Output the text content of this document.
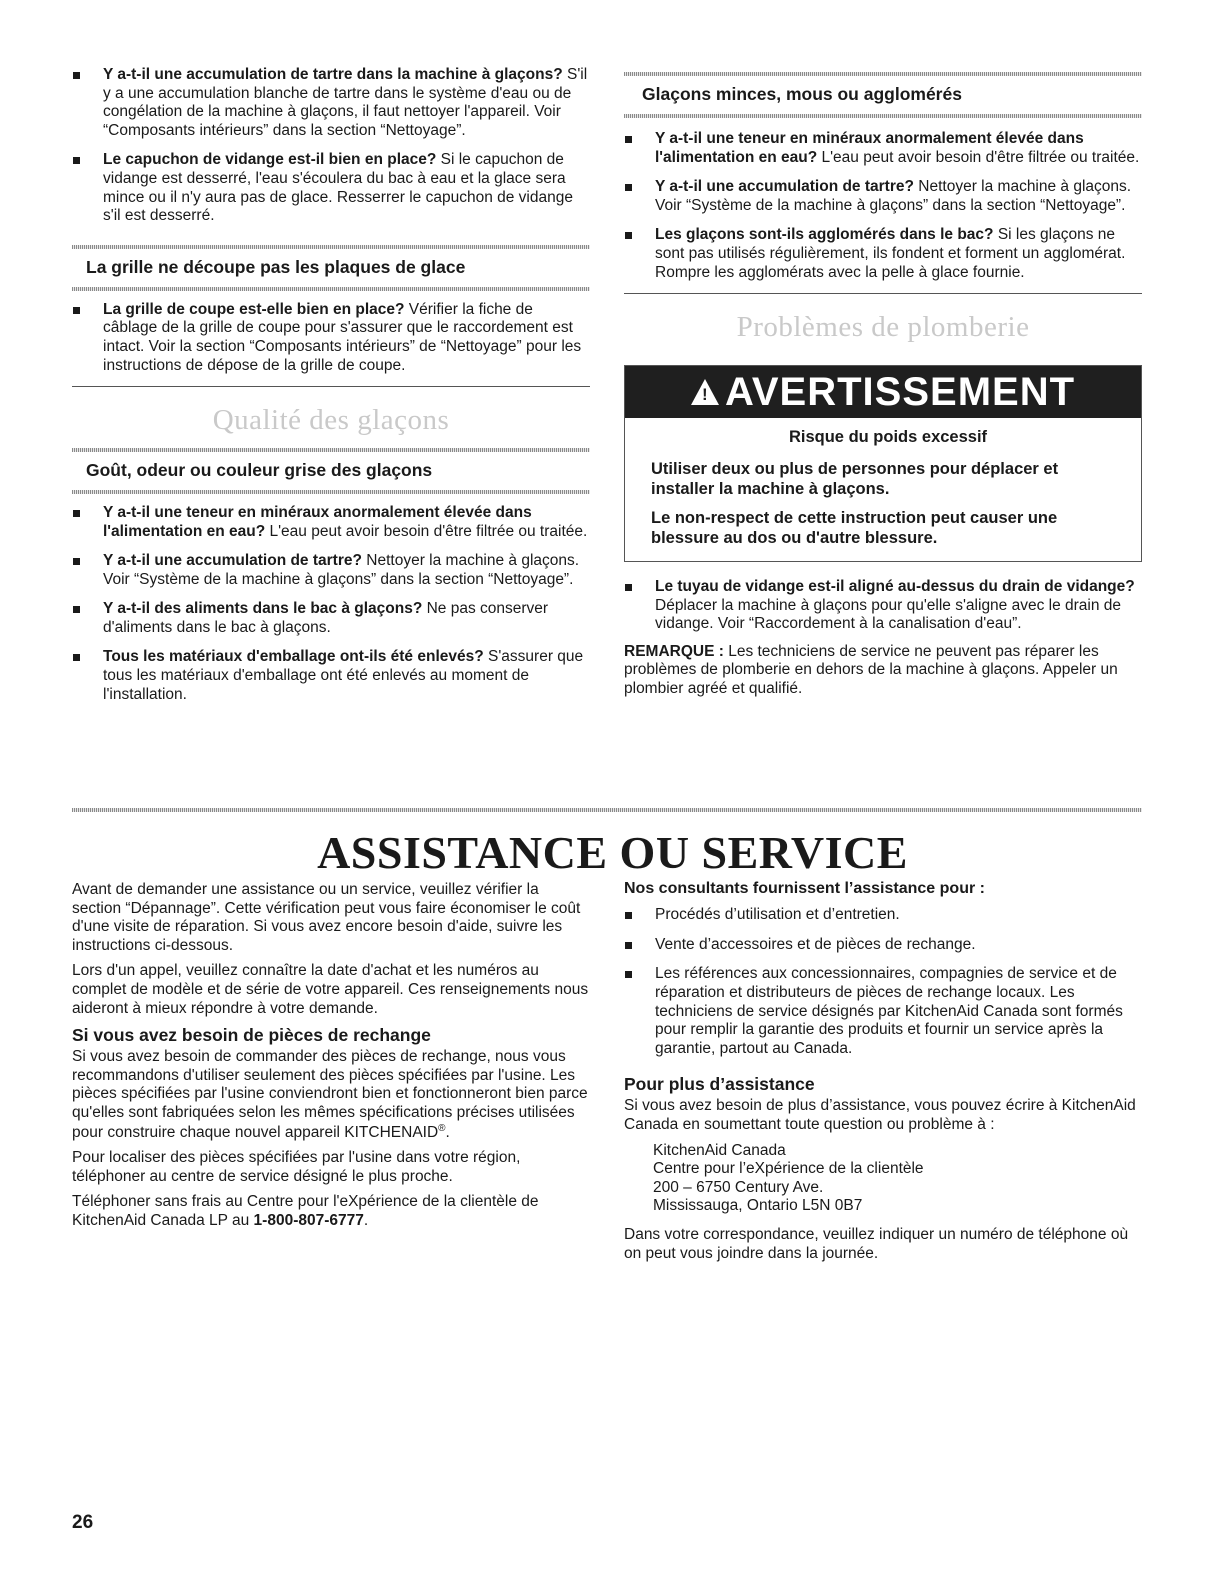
Y a-t-il une accumulation de tartre dans la machine à glaçons? S'il y a une accumulation blanche de tartre dans le système d'eau ou de congélation de la machine à glaçons, il faut nettoyer l'appareil. Voir “Composants intérieurs” dans la section “Nettoyage”.
Le capuchon de vidange est-il bien en place? Si le capuchon de vidange est desserré, l'eau s'écoulera du bac à eau et la glace sera mince ou il n'y aura pas de glace. Resserrer le capuchon de vidange s'il est desserré.
La grille ne découpe pas les plaques de glace
La grille de coupe est-elle bien en place? Vérifier la fiche de câblage de la grille de coupe pour s'assurer que le raccordement est intact. Voir la section “Composants intérieurs” de “Nettoyage” pour les instructions de dépose de la grille de coupe.
Qualité des glaçons
Goût, odeur ou couleur grise des glaçons
Y a-t-il une teneur en minéraux anormalement élevée dans l'alimentation en eau? L'eau peut avoir besoin d'être filtrée ou traitée.
Y a-t-il une accumulation de tartre? Nettoyer la machine à glaçons. Voir “Système de la machine à glaçons” dans la section “Nettoyage”.
Y a-t-il des aliments dans le bac à glaçons? Ne pas conserver d'aliments dans le bac à glaçons.
Tous les matériaux d'emballage ont-ils été enlevés? S'assurer que tous les matériaux d'emballage ont été enlevés au moment de l'installation.
Glaçons minces, mous ou agglomérés
Y a-t-il une teneur en minéraux anormalement élevée dans l'alimentation en eau? L'eau peut avoir besoin d'être filtrée ou traitée.
Y a-t-il une accumulation de tartre? Nettoyer la machine à glaçons. Voir “Système de la machine à glaçons” dans la section “Nettoyage”.
Les glaçons sont-ils agglomérés dans le bac? Si les glaçons ne sont pas utilisés régulièrement, ils fondent et forment un agglomérat. Rompre les agglomérats avec la pelle à glace fournie.
Problèmes de plomberie
!
AVERTISSEMENT

Risque du poids excessif

Utiliser deux ou plus de personnes pour déplacer et installer la machine à glaçons.

Le non-respect de cette instruction peut causer une blessure au dos ou d'autre blessure.

Le tuyau de vidange est-il aligné au-dessus du drain de vidange? Déplacer la machine à glaçons pour qu'elle s'aligne avec le drain de vidange. Voir “Raccordement à la canalisation d'eau”.

REMARQUE : Les techniciens de service ne peuvent pas réparer les problèmes de plomberie en dehors de la machine à glaçons. Appeler un plombier agréé et qualifié.

ASSISTANCE OU SERVICE

Avant de demander une assistance ou un service, veuillez vérifier la section “Dépannage”. Cette vérification peut vous faire économiser le coût d'une visite de réparation. Si vous avez encore besoin d'aide, suivre les instructions ci-dessous.

Lors d'un appel, veuillez connaître la date d'achat et les numéros au complet de modèle et de série de votre appareil. Ces renseignements nous aideront à mieux répondre à votre demande.

Si vous avez besoin de pièces de rechange

Si vous avez besoin de commander des pièces de rechange, nous vous recommandons d'utiliser seulement des pièces spécifiées par l'usine. Les pièces spécifiées par l'usine conviendront bien et fonctionneront bien parce qu'elles sont fabriquées selon les mêmes spécifications précises utilisées pour construire chaque nouvel appareil KITCHENAID®.

Pour localiser des pièces spécifiées par l'usine dans votre région, téléphoner au centre de service désigné le plus proche.

Téléphoner sans frais au Centre pour l'eXpérience de la clientèle de KitchenAid Canada LP au 1-800-807-6777.

Nos consultants fournissent l’assistance pour :
Procédés d’utilisation et d’entretien.
Vente d’accessoires et de pièces de rechange.
Les références aux concessionnaires, compagnies de service et de réparation et distributeurs de pièces de rechange locaux. Les techniciens de service désignés par KitchenAid Canada sont formés pour remplir la garantie des produits et fournir un service après la garantie, partout au Canada.
Pour plus d’assistance

Si vous avez besoin de plus d’assistance, vous pouvez écrire à KitchenAid Canada en soumettant toute question ou problème à :

KitchenAid Canada
Centre pour l’eXpérience de la clientèle
200 – 6750 Century Ave.
Mississauga, Ontario L5N 0B7

Dans votre correspondance, veuillez indiquer un numéro de téléphone où on peut vous joindre dans la journée.

26
